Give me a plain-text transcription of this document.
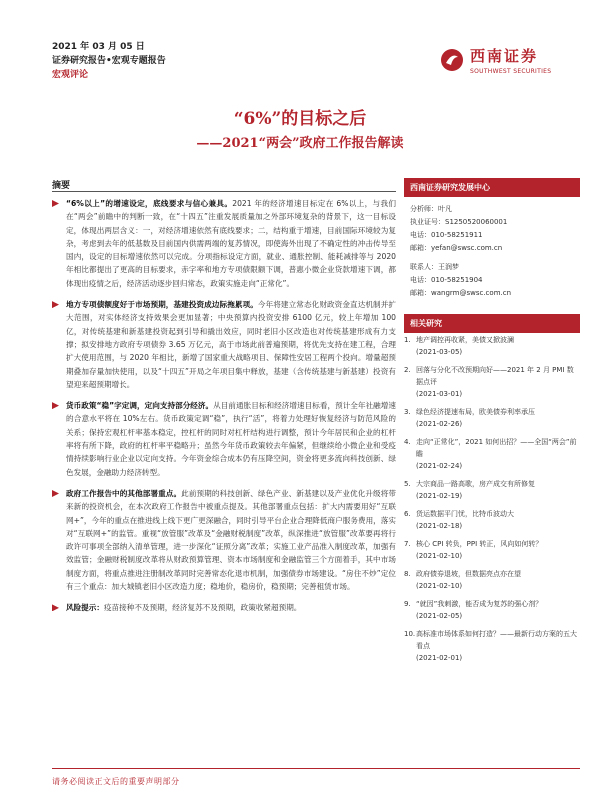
2021 年 03 月 05 日
证券研究报告•宏观专题报告
宏观评论
西南证券
SOUTHWEST SECURITIES
“6%”的目标之后
——2021“两会”政府工作报告解读
摘要
“6%以上”的增速设定，底线要求与信心兼具。2021 年的经济增速目标定在 6%以上，与我们在“两会”前瞻中的判断一致，在“十四五”注重发展质量加之外部环境复杂的背景下，这一目标设定，体现出两层含义：一，对经济增速依然有底线要求；二，结构重于增速，目前国际环境较为复杂，考虑到去年的低基数及目前国内供需两端的复苏情况，即使海外出现了不确定性的冲击传导至国内，设定的目标增速依然可以完成。分项指标设定方面，就业、通胀控制、能耗减排等与 2020 年相比都提出了更高的目标要求，赤字率和地方专项债限额下调，普惠小微企业贷款增速下调，都体现出疫情之后，经济活动逐步回归常态，政策实施走向“正常化”。
地方专项债额度好于市场预期，基建投资成边际拖累项。今年将建立常态化财政资金直达机制并扩大范围，对实体经济支持效果会更加显著；中央预算内投资安排 6100 亿元，较上年增加 100 亿，对传统基建和新基建投资起到引导和撬出效应，同时老旧小区改造也对传统基建形成有力支撑；拟安排地方政府专项债券 3.65 万亿元，高于市场此前普遍预期，将优先支持在建工程，合理扩大使用范围，与 2020 年相比，新增了国家重大战略项目、保障性安居工程两个投向。增量超预期叠加存量加快使用，以及“十四五”开局之年项目集中释放，基建（含传统基建与新基建）投资有望迎来超预期增长。
货币政策“稳”字定调，定向支持部分经济。从目前通胀目标和经济增速目标看，预计全年社融增速的合意水平将在 10%左右。货币政策定调“稳”，执行“活”，将着力处理好恢复经济与防范风险的关系；保持宏观杠杆率基本稳定，控杠杆的同时对杠杆结构进行调整，预计今年居民和企业的杠杆率将有所下降，政府的杠杆率平稳略升；虽然今年货币政策较去年偏紧，但继续给小微企业和受疫情持续影响行业企业以定向支持。今年资金综合成本仍有压降空间，资金将更多流向科技创新、绿色发展，金融助力经济转型。
政府工作报告中的其他部署重点。此前预期的科技创新、绿色产业、新基建以及产业优化升级将带来新的投资机会，在本次政府工作报告中被重点提及。其他部署重点包括：扩大内需要用好“互联网+”，今年的重点在推进线上线下更广更深融合，同时引导平台企业合理降低商户服务费用，落实对“互联网+”的监管。重视“放管服”改革及“金融财税制度”改革，纵深推进“放管服”改革要再将行政许可事项全部纳入清单管理，进一步深化“证照分离”改革；实施工业产品准入制度改革，加强有效监管；金融财税制度改革将从财政预算管理、资本市场制度和金融监管三个方面着手，其中市场制度方面，将重点推进注册制改革同时完善常态化退市机制，加强债券市场建设。“房住不炒”定位有三个重点：加大城镇老旧小区改造力度；稳地价，稳房价，稳预期；完善租赁市场。
风险提示：疫苗接种不及预期，经济复苏不及预期，政策收紧超预期。
西南证券研究发展中心
分析师：叶凡
执业证号：S1250520060001
电话：010-58251911
邮箱：yefan@swsc.com.cn
联系人：王润梦
电话：010-58251904
邮箱：wangrm@swsc.com.cn
相关研究
1. 地产调控再收紧，美债又掀波澜
(2021-03-05)
2. 回落与分化不改预期向好——2021 年 2 月 PMI 数据点评
(2021-03-01)
3. 绿色经济提速布局，欧美债券利率承压
(2021-02-26)
4. 走向“正常化”，2021 如何出招？——全国“两会”前瞻
(2021-02-24)
5. 大宗商品一路高歌，房产成交有所修复
(2021-02-19)
6. 货运数据平门忧，比特币波动大
(2021-02-18)
7. 核心 CPI 转负，PPI 转正，风向如何转？
(2021-02-10)
8. 政府债券退坡，但数据亮点亦在望
(2021-02-10)
9. “就因”我刺激，能否成为复苏的强心剂？
(2021-02-05)
10. 高标准市场体系如何打造？——最新行动方案的五大看点
(2021-02-01)
请务必阅读正文后的重要声明部分
